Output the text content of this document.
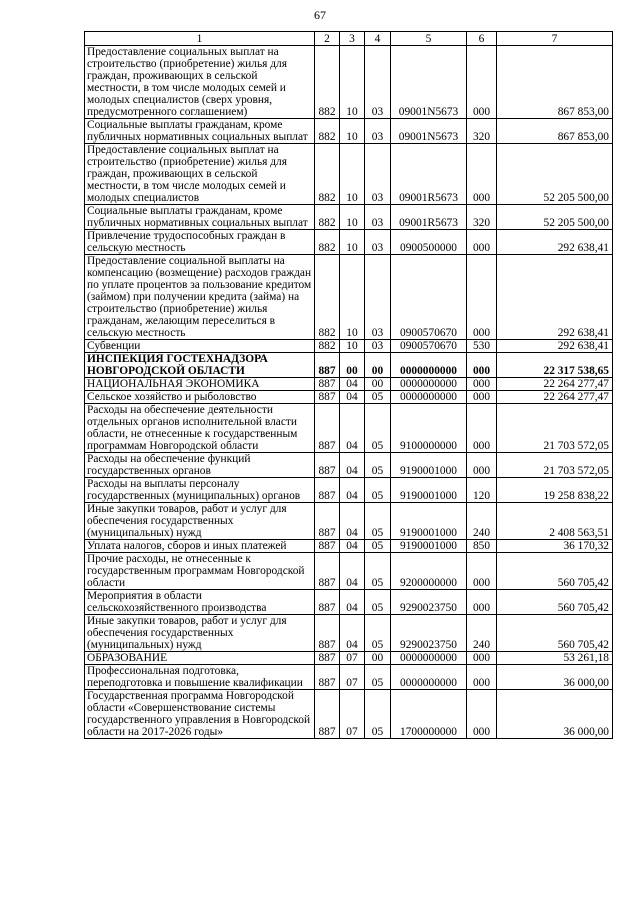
67
1	2	3	4	5	6	7
Предоставление социальных выплат на строительство (приобретение) жилья для граждан, проживающих в сельской местности, в том числе молодых семей и молодых специалистов (сверх уровня, предусмотренного соглашением)	882	10	03	09001N5673	000	867 853,00
Социальные выплаты гражданам, кроме публичных нормативных социальных выплат	882	10	03	09001N5673	320	867 853,00
Предоставление социальных выплат на строительство (приобретение) жилья для граждан, проживающих в сельской местности, в том числе молодых семей и молодых специалистов	882	10	03	09001R5673	000	52 205 500,00
Социальные выплаты гражданам, кроме публичных нормативных социальных выплат	882	10	03	09001R5673	320	52 205 500,00
Привлечение трудоспособных граждан в сельскую местность	882	10	03	0900500000	000	292 638,41
Предоставление социальной выплаты на компенсацию (возмещение) расходов граждан по уплате процентов за пользование кредитом (займом) при получении кредита (займа) на строительство (приобретение) жилья гражданам, желающим переселиться в сельскую местность	882	10	03	0900570670	000	292 638,41
Субвенции	882	10	03	0900570670	530	292 638,41
ИНСПЕКЦИЯ ГОСТЕХНАДЗОРА НОВГОРОДСКОЙ ОБЛАСТИ	887	00	00	0000000000	000	22 317 538,65
НАЦИОНАЛЬНАЯ ЭКОНОМИКА	887	04	00	0000000000	000	22 264 277,47
Сельское хозяйство и рыболовство	887	04	05	0000000000	000	22 264 277,47
Расходы на обеспечение деятельности отдельных органов исполнительной власти области, не отнесенные к государственным программам Новгородской области	887	04	05	9100000000	000	21 703 572,05
Расходы на обеспечение функций государственных органов	887	04	05	9190001000	000	21 703 572,05
Расходы на выплаты персоналу государственных (муниципальных) органов	887	04	05	9190001000	120	19 258 838,22
Иные закупки товаров, работ и услуг для обеспечения государственных (муниципальных) нужд	887	04	05	9190001000	240	2 408 563,51
Уплата налогов, сборов и иных платежей	887	04	05	9190001000	850	36 170,32
Прочие расходы, не отнесенные к государственным программам Новгородской области	887	04	05	9200000000	000	560 705,42
Мероприятия в области сельскохозяйственного производства	887	04	05	9290023750	000	560 705,42
Иные закупки товаров, работ и услуг для обеспечения государственных (муниципальных) нужд	887	04	05	9290023750	240	560 705,42
ОБРАЗОВАНИЕ	887	07	00	0000000000	000	53 261,18
Профессиональная подготовка, переподготовка и повышение квалификации	887	07	05	0000000000	000	36 000,00
Государственная программа Новгородской области «Совершенствование системы государственного управления в Новгородской области на 2017-2026 годы»	887	07	05	1700000000	000	36 000,00
